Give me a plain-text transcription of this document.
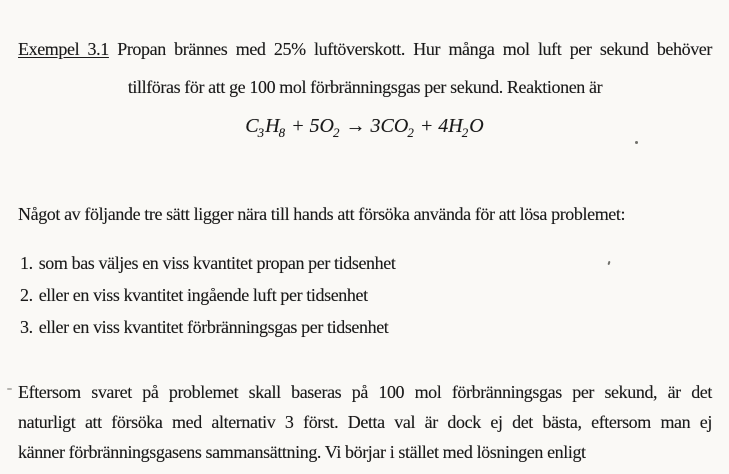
Exempel 3.1 Propan brännes med 25% luftöverskott. Hur många mol luft per sekund behöver

tillföras för att ge 100 mol förbränningsgas per sekund. Reaktionen är

$C_3H_8 + 5O_2 \to 3CO_2 + 4H_2O$

Något av följande tre sätt ligger nära till hands att försöka använda för att lösa problemet:

1. som bas väljes en viss kvantitet propan per tidsenhet
2. eller en viss kvantitet ingående luft per tidsenhet
3. eller en viss kvantitet förbränningsgas per tidsenhet

Eftersom svaret på problemet skall baseras på 100 mol förbränningsgas per sekund, är det

naturligt att försöka med alternativ 3 först. Detta val är dock ej det bästa, eftersom man ej

känner förbränningsgasens sammansättning. Vi börjar i stället med lösningen enligt
